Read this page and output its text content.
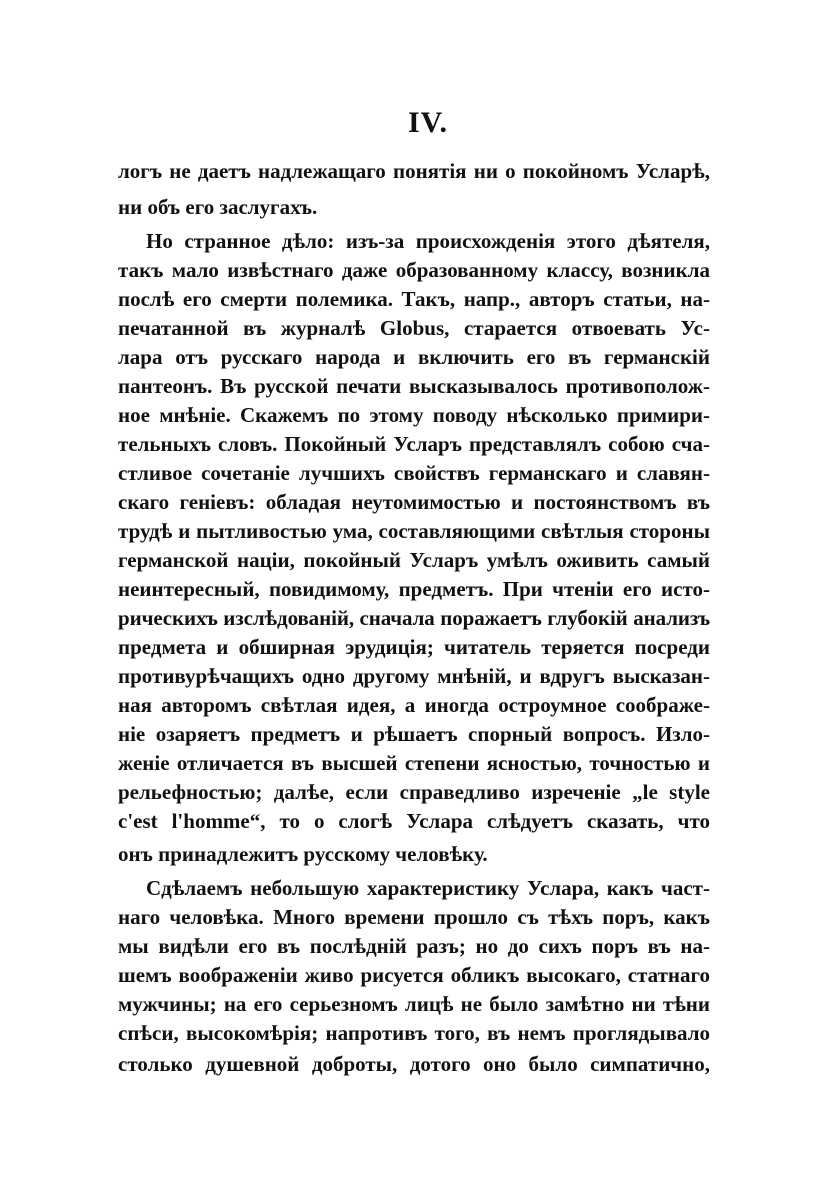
IV.
логъ не даетъ надлежащаго понятія ни о покойномъ Усларѣ,
ни объ его заслугахъ.
Но странное дѣло: изъ-за происхожденія этого дѣятеля,
такъ мало извѣстнаго даже образованному классу, возникла
послѣ его смерти полемика. Такъ, напр., авторъ статьи, на-
печатанной въ журналѣ Globus, старается отвоевать Ус-
лара отъ русскаго народа и включить его въ германскій
пантеонъ. Въ русской печати высказывалось противополож-
ное мнѣніе. Скажемъ по этому поводу нѣсколько примири-
тельныхъ словъ. Покойный Усларъ представлялъ собою сча-
стливое сочетаніе лучшихъ свойствъ германскаго и славян-
скаго геніевъ: обладая неутомимостью и постоянствомъ въ
трудѣ и пытливостью ума, составляющими свѣтлыя стороны
германской націи, покойный Усларъ умѣлъ оживить самый
неинтересный, повидимому, предметъ. При чтеніи его исто-
рическихъ изслѣдованій, сначала поражаетъ глубокій анализъ
предмета и обширная эрудиція; читатель теряется посреди
противурѣчащихъ одно другому мнѣній, и вдругъ высказан-
ная авторомъ свѣтлая идея, а иногда остроумное соображе-
ніе озаряетъ предметъ и рѣшаетъ спорный вопросъ. Изло-
женіе отличается въ высшей степени ясностью, точностью и
рельефностью; далѣе, если справедливо изреченіе „le style
c'est l'homme“, то о слогѣ Услара слѣдуетъ сказать, что
онъ принадлежитъ русскому человѣку.
Сдѣлаемъ небольшую характеристику Услара, какъ част-
наго человѣка. Много времени прошло съ тѣхъ поръ, какъ
мы видѣли его въ послѣдній разъ; но до сихъ поръ въ на-
шемъ воображеніи живо рисуется обликъ высокаго, статнаго
мужчины; на его серьезномъ лицѣ не было замѣтно ни тѣни
спѣси, высокомѣрія; напротивъ того, въ немъ проглядывало
столько душевной доброты, дотого оно было симпатично,
